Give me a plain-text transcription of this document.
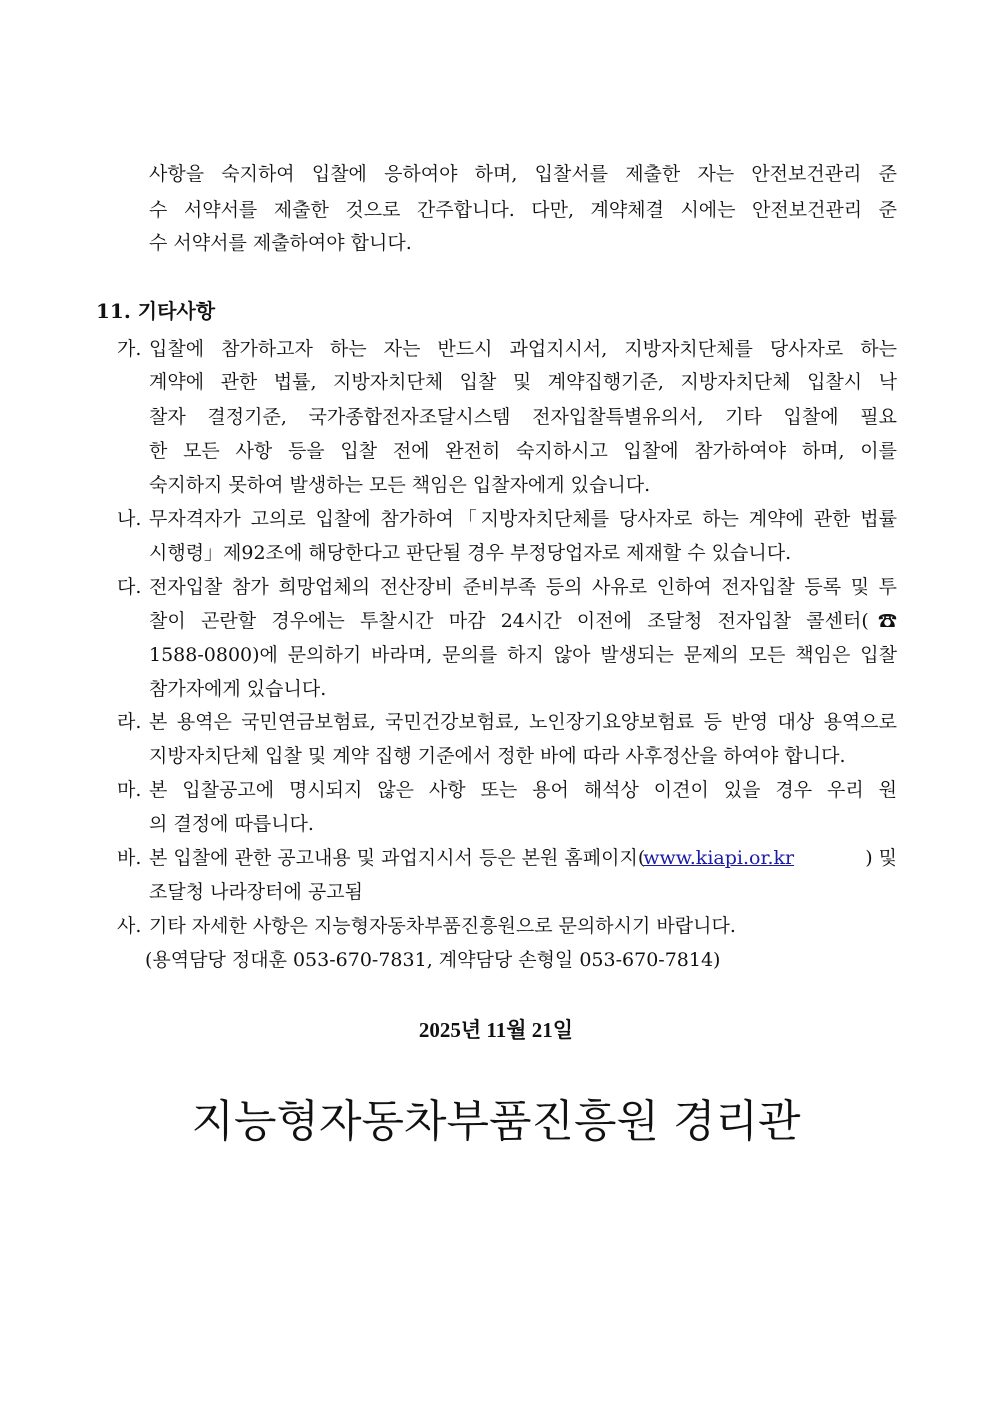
사항을 숙지하여 입찰에 응하여야 하며, 입찰서를 제출한 자는 안전보건관리 준
수 서약서를 제출한 것으로 간주합니다. 다만, 계약체결 시에는 안전보건관리 준
수 서약서를 제출하여야 합니다.
11. 기타사항
가. 입찰에 참가하고자 하는 자는 반드시 과업지시서, 지방자치단체를 당사자로 하는
계약에 관한 법률, 지방자치단체 입찰 및 계약집행기준, 지방자치단체 입찰시 낙
찰자 결정기준, 국가종합전자조달시스템 전자입찰특별유의서, 기타 입찰에 필요
한 모든 사항 등을 입찰 전에 완전히 숙지하시고 입찰에 참가하여야 하며, 이를
숙지하지 못하여 발생하는 모든 책임은 입찰자에게 있습니다.
나. 무자격자가 고의로 입찰에 참가하여「지방자치단체를 당사자로 하는 계약에 관한 법률
시행령」제92조에 해당한다고 판단될 경우 부정당업자로 제재할 수 있습니다.
다. 전자입찰 참가 희망업체의 전산장비 준비부족 등의 사유로 인하여 전자입찰 등록 및 투
찰이 곤란할 경우에는 투찰시간 마감 24시간 이전에 조달청 전자입찰 콜센터(☎
1588-0800)에 문의하기 바라며, 문의를 하지 않아 발생되는 문제의 모든 책임은 입찰
참가자에게 있습니다.
라. 본 용역은 국민연금보험료, 국민건강보험료, 노인장기요양보험료 등 반영 대상 용역으로
지방자치단체 입찰 및 계약 집행 기준에서 정한 바에 따라 사후정산을 하여야 합니다.
마. 본 입찰공고에 명시되지 않은 사항 또는 용어 해석상 이견이 있을 경우 우리 원
의 결정에 따릅니다.
바. 본 입찰에 관한 공고내용 및 과업지시서 등은 본원 홈페이지(
www.kiapi.or.kr	) 및
조달청 나라장터에 공고됨
사. 기타 자세한 사항은 지능형자동차부품진흥원으로 문의하시기 바랍니다.
(용역담당 정대훈 053-670-7831, 계약담당 손형일 053-670-7814)
2025년 11월 21일
지능형자동차부품진흥원 경리관
